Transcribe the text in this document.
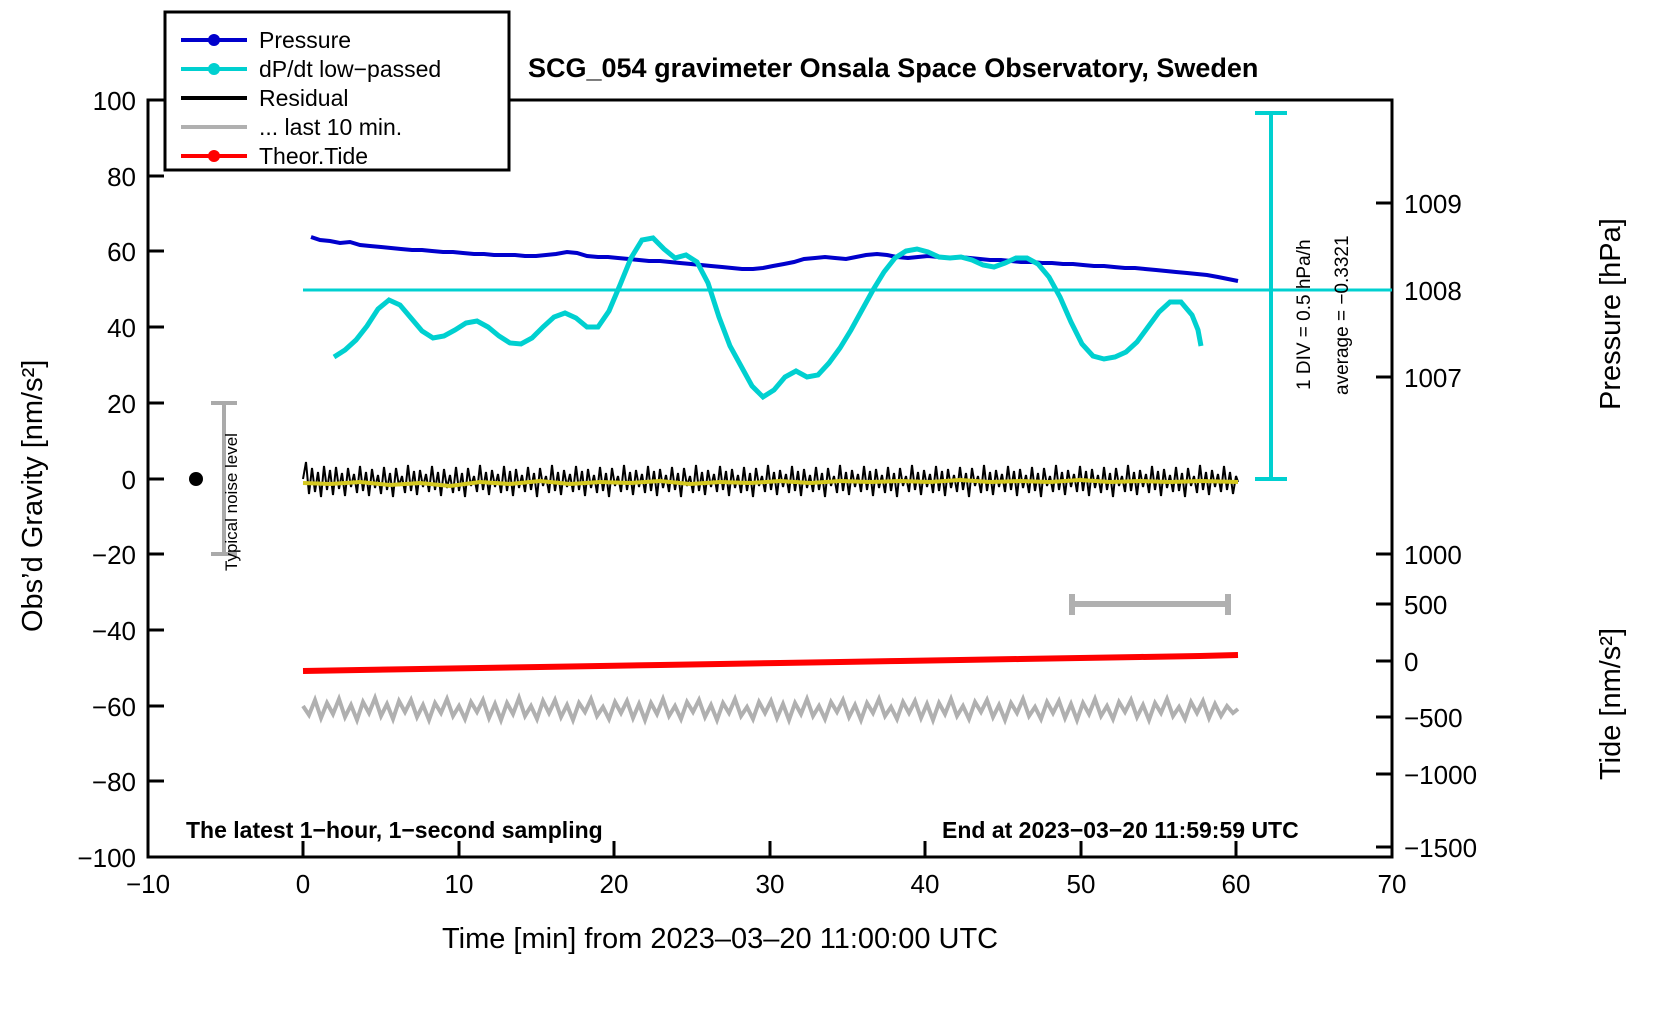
−10	0	10	20	30	40	50	60	70
100
80
60
40
20
0
−20
−40
−60
−80
−100
1007
1008
1009
1000
500
0
−500
−1000
−1500
1 DIV = 0.5 hPa/h average = −0.3321
Typical noise level
Pressure
dP/dt low−passed
Residual
... last 10 min.
Theor.Tide
SCG_054 gravimeter Onsala Space Observatory, Sweden
Time [min] from 2023–03–20 11:00:00 UTC
Obs’d Gravity [nm/s²]
Pressure [hPa]
Tide [nm/s²]
The latest 1−hour, 1−second sampling	End at 2023−03−20 11:59:59 UTC
